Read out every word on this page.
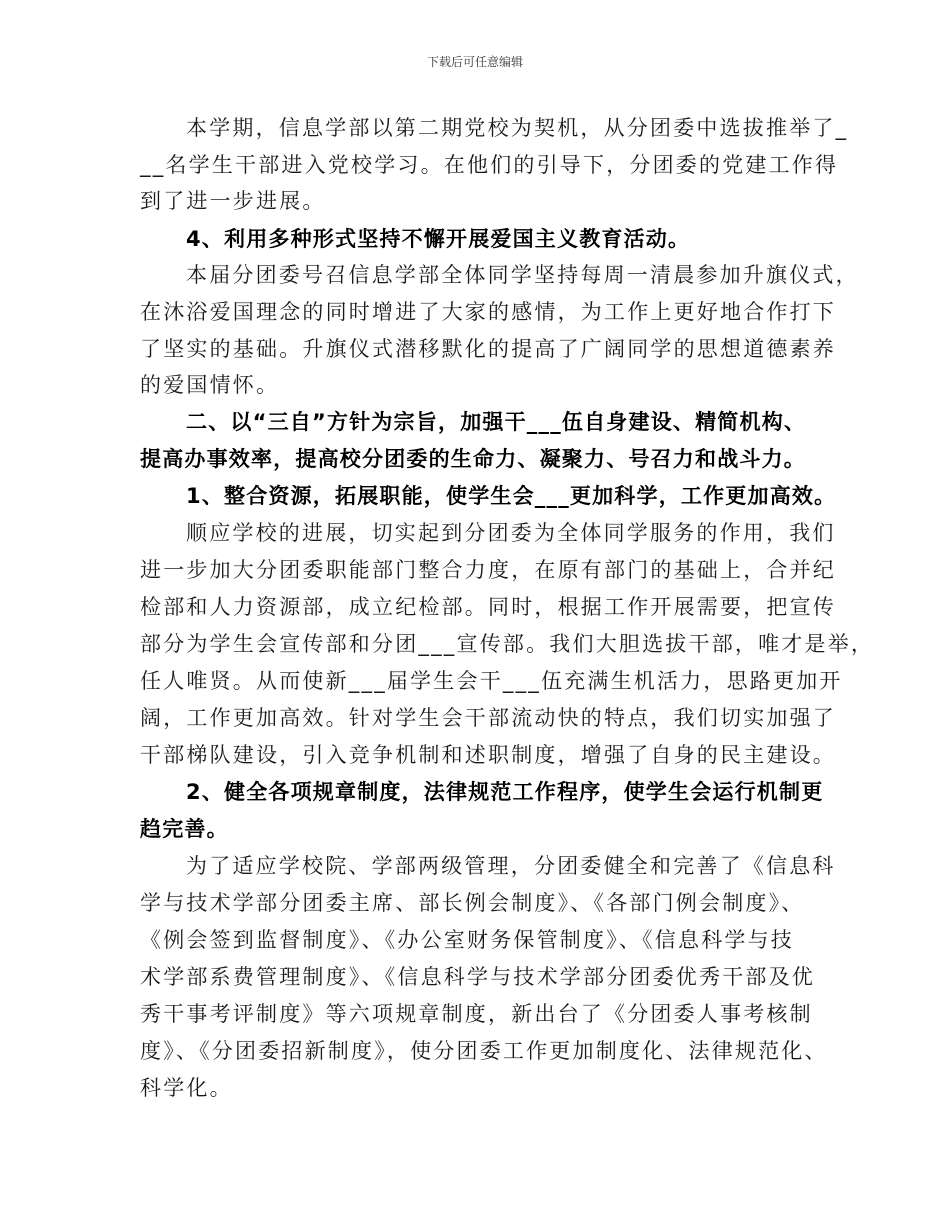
下载后可任意编辑
本学期，信息学部以第二期党校为契机，从分团委中选拔推举了_
__名学生干部进入党校学习。在他们的引导下，分团委的党建工作得
到了进一步进展。
4、利用多种形式坚持不懈开展爱国主义教育活动。
本届分团委号召信息学部全体同学坚持每周一清晨参加升旗仪式，
在沐浴爱国理念的同时增进了大家的感情，为工作上更好地合作打下
了坚实的基础。升旗仪式潜移默化的提高了广阔同学的思想道德素养
的爱国情怀。
二、以“三自”方针为宗旨，加强干___伍自身建设、精简机构、
提高办事效率，提高校分团委的生命力、凝聚力、号召力和战斗力。
1、整合资源，拓展职能，使学生会___更加科学，工作更加高效。
顺应学校的进展，切实起到分团委为全体同学服务的作用，我们
进一步加大分团委职能部门整合力度，在原有部门的基础上，合并纪
检部和人力资源部，成立纪检部。同时，根据工作开展需要，把宣传
部分为学生会宣传部和分团___宣传部。我们大胆选拔干部，唯才是举，
任人唯贤。从而使新___届学生会干___伍充满生机活力，思路更加开
阔，工作更加高效。针对学生会干部流动快的特点，我们切实加强了
干部梯队建设，引入竞争机制和述职制度，增强了自身的民主建设。
2、健全各项规章制度，法律规范工作程序，使学生会运行机制更
趋完善。
为了适应学校院、学部两级管理，分团委健全和完善了《信息科
学与技术学部分团委主席、部长例会制度》、《各部门例会制度》、
《例会签到监督制度》、《办公室财务保管制度》、《信息科学与技
术学部系费管理制度》、《信息科学与技术学部分团委优秀干部及优
秀干事考评制度》等六项规章制度，新出台了《分团委人事考核制
度》、《分团委招新制度》，使分团委工作更加制度化、法律规范化、
科学化。
